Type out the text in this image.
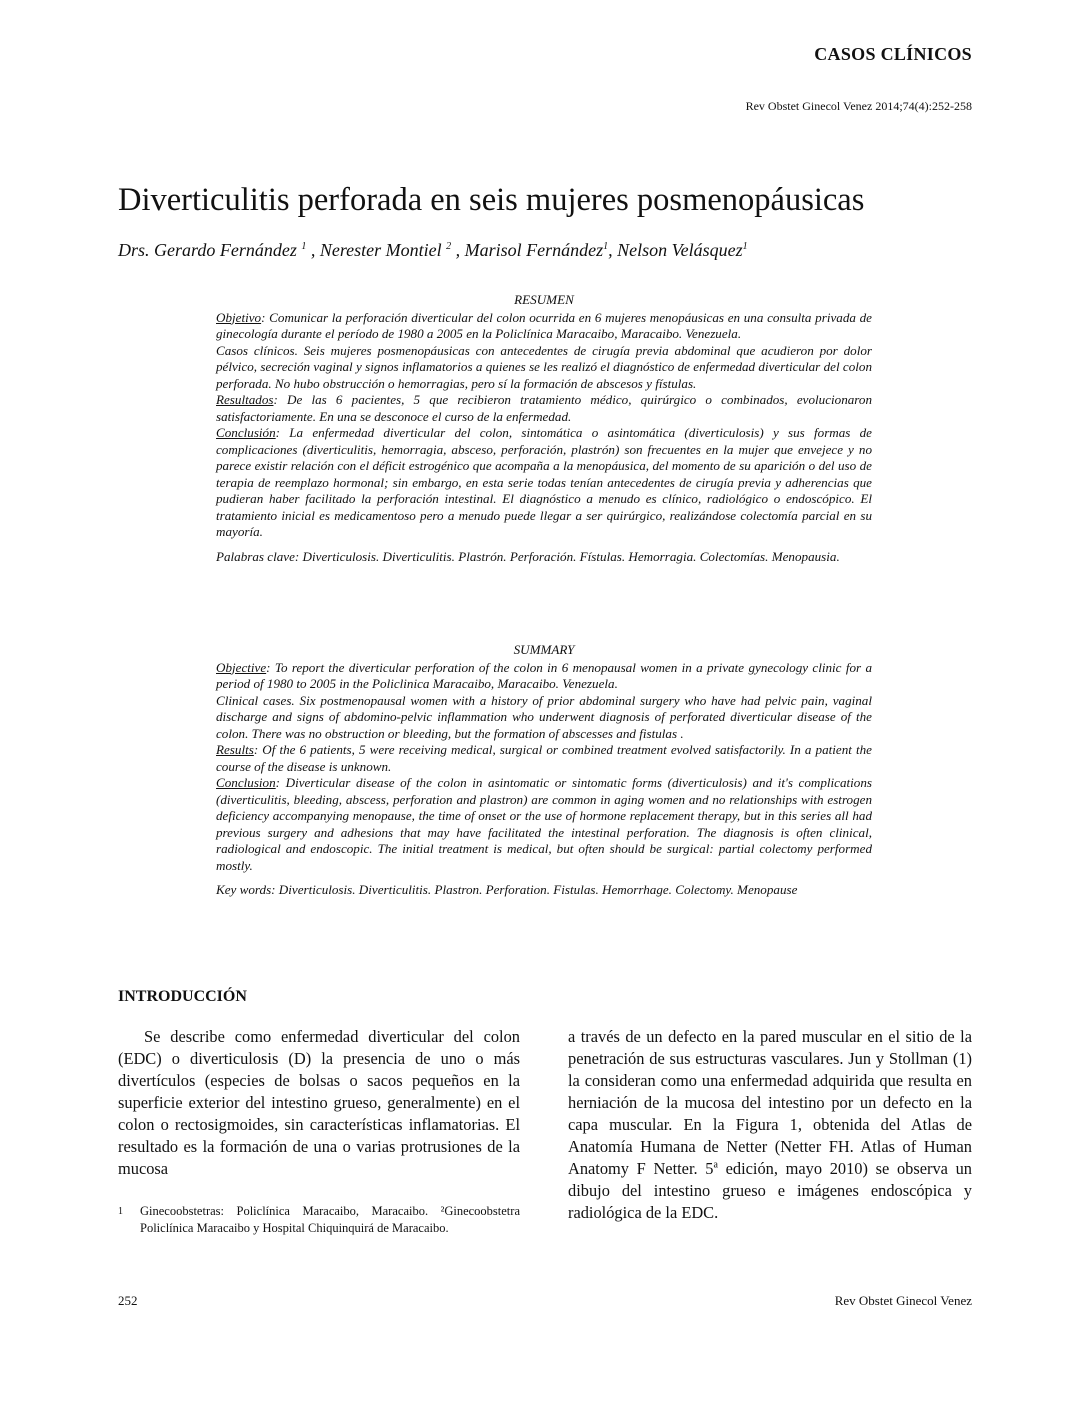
CASOS CLÍNICOS
Rev Obstet Ginecol Venez 2014;74(4):252-258
Diverticulitis perforada en seis mujeres posmenopáusicas
Drs. Gerardo Fernández $^1$ , Nerester Montiel $^2$ , Marisol Fernández$^1$, Nelson Velásquez$^1$

RESUMEN

Objetivo: Comunicar la perforación diverticular del colon ocurrida en 6 mujeres menopáusicas en una consulta privada de ginecología durante el período de 1980 a 2005 en la Policlínica Maracaibo, Maracaibo. Venezuela.

Casos clínicos. Seis mujeres posmenopáusicas con antecedentes de cirugía previa abdominal que acudieron por dolor pélvico, secreción vaginal y signos inflamatorios a quienes se les realizó el diagnóstico de enfermedad diverticular del colon perforada. No hubo obstrucción o hemorragias, pero sí la formación de abscesos y fístulas.

Resultados: De las 6 pacientes, 5 que recibieron tratamiento médico, quirúrgico o combinados, evolucionaron satisfactoriamente. En una se desconoce el curso de la enfermedad.

Conclusión: La enfermedad diverticular del colon, sintomática o asintomática (diverticulosis) y sus formas de complicaciones (diverticulitis, hemorragia, absceso, perforación, plastrón) son frecuentes en la mujer que envejece y no parece existir relación con el déficit estrogénico que acompaña a la menopáusica, del momento de su aparición o del uso de terapia de reemplazo hormonal; sin embargo, en esta serie todas tenían antecedentes de cirugía previa y adherencias que pudieran haber facilitado la perforación intestinal. El diagnóstico a menudo es clínico, radiológico o endoscópico. El tratamiento inicial es medicamentoso pero a menudo puede llegar a ser quirúrgico, realizándose colectomía parcial en su mayoría.

Palabras clave: Diverticulosis. Diverticulitis. Plastrón. Perforación. Fístulas. Hemorragia. Colectomías. Menopausia.

SUMMARY

Objective: To report the diverticular perforation of the colon in 6 menopausal women in a private gynecology clinic for a period of 1980 to 2005 in the Policlinica Maracaibo, Maracaibo. Venezuela.

Clinical cases. Six postmenopausal women with a history of prior abdominal surgery who have had pelvic pain, vaginal discharge and signs of abdomino-pelvic inflammation who underwent diagnosis of perforated diverticular disease of the colon. There was no obstruction or bleeding, but the formation of abscesses and fistulas .

Results: Of the 6 patients, 5 were receiving medical, surgical or combined treatment evolved satisfactorily. In a patient the course of the disease is unknown.

Conclusion: Diverticular disease of the colon in asintomatic or sintomatic forms (diverticulosis) and it's complications (diverticulitis, bleeding, abscess, perforation and plastron) are common in aging women and no relationships with estrogen deficiency accompanying menopause, the time of onset or the use of hormone replacement therapy, but in this series all had previous surgery and adhesions that may have facilitated the intestinal perforation. The diagnosis is often clinical, radiological and endoscopic. The initial treatment is medical, but often should be surgical: partial colectomy performed mostly.

Key words: Diverticulosis. Diverticulitis. Plastron. Perforation. Fistulas. Hemorrhage. Colectomy. Menopause

INTRODUCCIÓN

Se describe como enfermedad diverticular del colon (EDC) o diverticulosis (D) la presencia de uno o más divertículos (especies de bolsas o sacos pequeños en la superficie exterior del intestino grueso, generalmente) en el colon o rectosigmoides, sin características inflamatorias. El resultado es la formación de una o varias protrusiones de la mucosa

a través de un defecto en la pared muscular en el sitio de la penetración de sus estructuras vasculares. Jun y Stollman (1) la consideran como una enfermedad adquirida que resulta en herniación de la mucosa del intestino por un defecto en la capa muscular. En la Figura 1, obtenida del Atlas de Anatomía Humana de Netter (Netter FH. Atlas of Human Anatomy F Netter. 5$^a$ edición, mayo 2010) se observa un dibujo del intestino grueso e imágenes endoscópica y radiológica de la EDC.

1 Ginecoobstetras: Policlínica Maracaibo, Maracaibo. ²Ginecoobstetra Policlínica Maracaibo y Hospital Chiquinquirá de Maracaibo.
252	Rev Obstet Ginecol Venez
